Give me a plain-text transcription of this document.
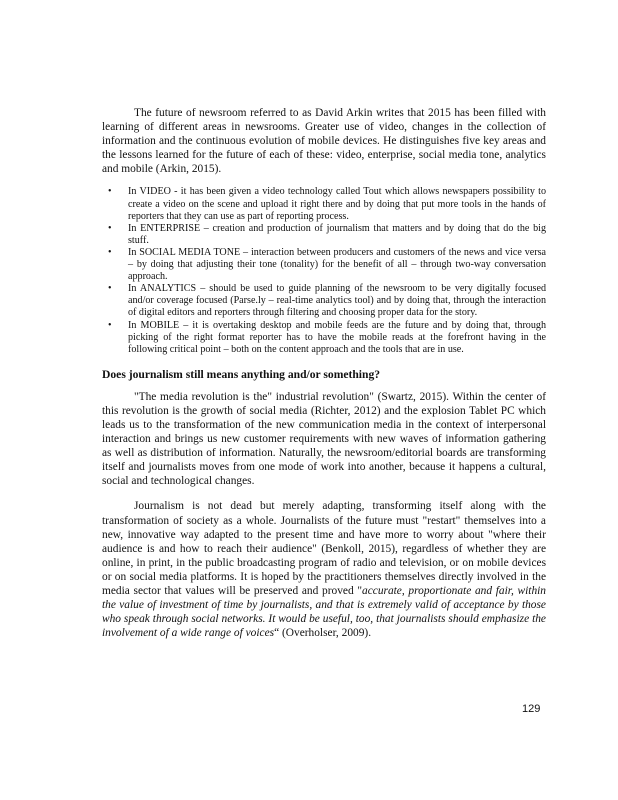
The future of newsroom referred to as David Arkin writes that 2015 has been filled with learning of different areas in newsrooms. Greater use of video, changes in the collection of information and the continuous evolution of mobile devices. He distinguishes five key areas and the lessons learned for the future of each of these: video, enterprise, social media tone, analytics and mobile (Arkin, 2015).

• In VIDEO - it has been given a video technology called Tout which allows newspapers possibility to create a video on the scene and upload it right there and by doing that put more tools in the hands of reporters that they can use as part of reporting process.
• In ENTERPRISE – creation and production of journalism that matters and by doing that do the big stuff.
• In SOCIAL MEDIA TONE – interaction between producers and customers of the news and vice versa – by doing that adjusting their tone (tonality) for the benefit of all – through two-way conversation approach.
• In ANALYTICS – should be used to guide planning of the newsroom to be very digitally focused and/or coverage focused (Parse.ly – real-time analytics tool) and by doing that, through the interaction of digital editors and reporters through filtering and choosing proper data for the story.
• In MOBILE – it is overtaking desktop and mobile feeds are the future and by doing that, through picking of the right format reporter has to have the mobile reads at the forefront having in the following critical point – both on the content approach and the tools that are in use.
Does journalism still means anything and/or something?

"The media revolution is the" industrial revolution" (Swartz, 2015). Within the center of this revolution is the growth of social media (Richter, 2012) and the explosion Tablet PC which leads us to the transformation of the new communication media in the context of interpersonal interaction and brings us new customer requirements with new waves of information gathering as well as distribution of information. Naturally, the newsroom/editorial boards are transforming itself and journalists moves from one mode of work into another, because it happens a cultural, social and technological changes.

Journalism is not dead but merely adapting, transforming itself along with the transformation of society as a whole. Journalists of the future must "restart" themselves into a new, innovative way adapted to the present time and have more to worry about "where their audience is and how to reach their audience" (Benkoll, 2015), regardless of whether they are online, in print, in the public broadcasting program of radio and television, or on mobile devices or on social media platforms. It is hoped by the practitioners themselves directly involved in the media sector that values will be preserved and proved "accurate, proportionate and fair, within the value of investment of time by journalists, and that is extremely valid of acceptance by those who speak through social networks. It would be useful, too, that journalists should emphasize the involvement of a wide range of voices“ (Overholser, 2009).

129
